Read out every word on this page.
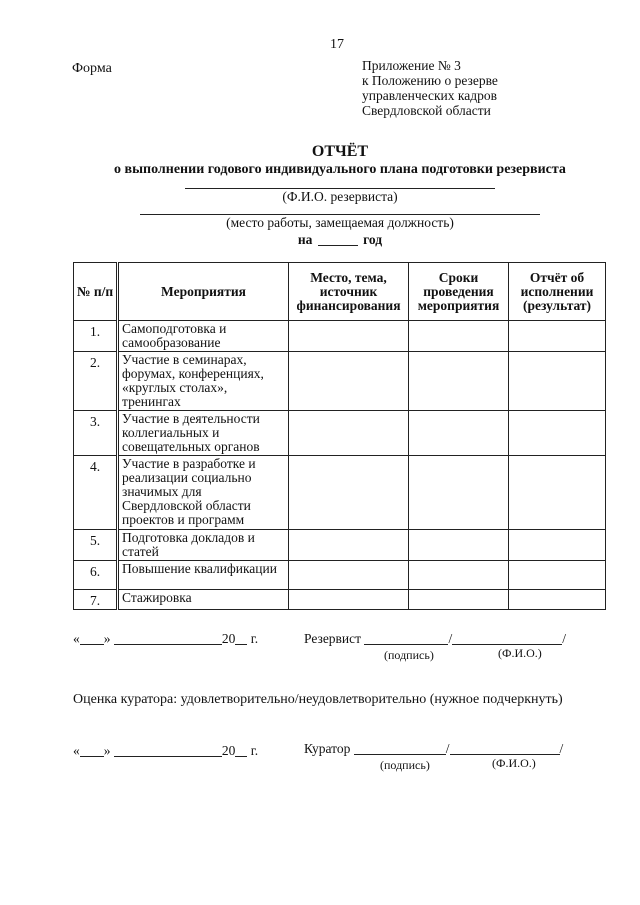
17
Форма	Приложение № 3
к Положению о резерве
управленческих кадров
Свердловской области
ОТЧЁТ
о выполнении годового индивидуального плана подготовки резервиста
(Ф.И.О. резервиста)
(место работы, замещаемая должность)
на	год
№ п/п	Мероприятия	Место, тема, источник финансирования	Сроки проведения мероприятия	Отчёт об исполнении (результат)
1.	Самоподготовка и самообразование			
2.	Участие в семинарах, форумах, конференциях, «круглых столах», тренингах			
3.	Участие в деятельности коллегиальных и совещательных органов			
4.	Участие в разработке и реализации социально значимых для Свердловской области проектов и программ			
5.	Подготовка докладов и статей			
6.	Повышение квалификации			
7.	Стажировка			
« »	20 г.	Резервист	/	/
(подпись)	(Ф.И.О.)
Оценка куратора: удовлетворительно/неудовлетворительно (нужное подчеркнуть)
« »	20 г.	Куратор	/	/
(подпись)	(Ф.И.О.)
